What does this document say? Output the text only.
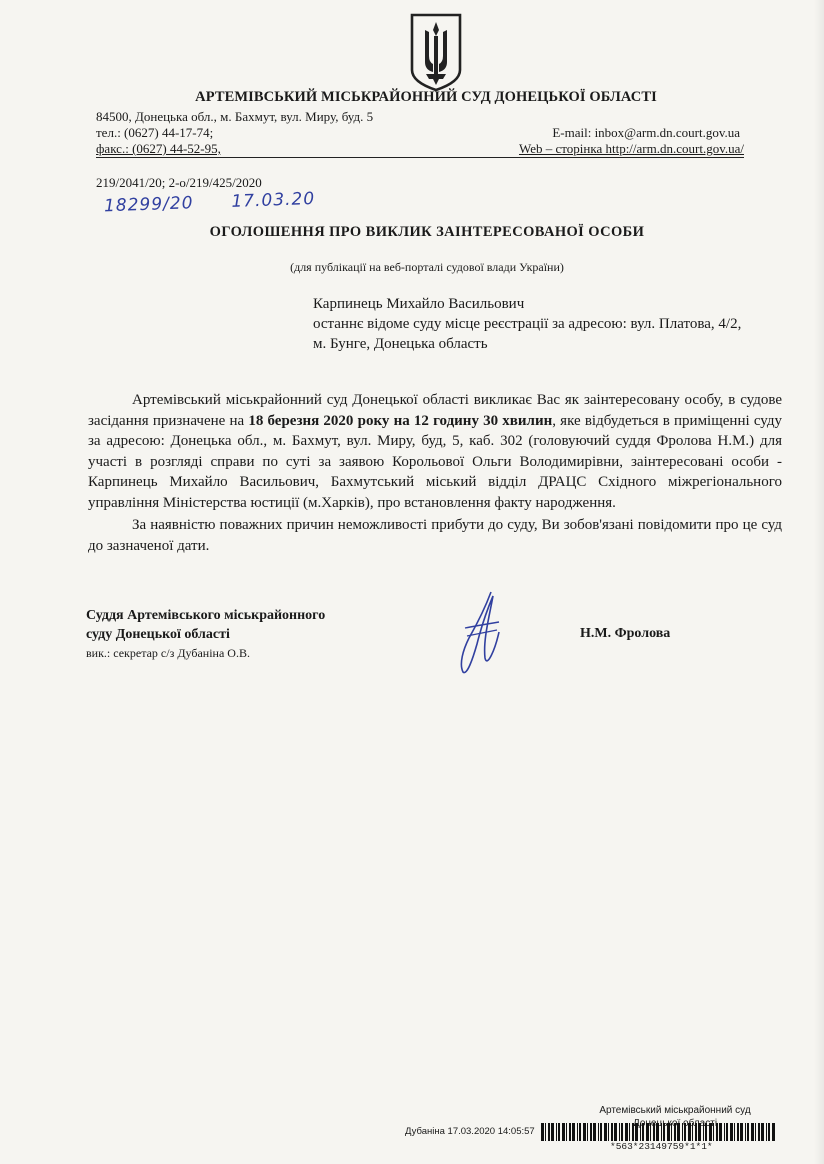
АРТЕМІВСЬКИЙ МІСЬКРАЙОННИЙ СУД ДОНЕЦЬКОЇ ОБЛАСТІ
84500, Донецька обл., м. Бахмут, вул. Миру, буд. 5
тел.: (0627) 44-17-74;
факс.: (0627) 44-52-95,
E-mail: inbox@arm.dn.court.gov.ua
Web – сторінка http://arm.dn.court.gov.ua/
219/2041/20; 2-о/219/425/2020
18299/20 17.03.20
ОГОЛОШЕННЯ ПРО ВИКЛИК ЗАІНТЕРЕСОВАНОЇ ОСОБИ
(для публікації на веб-порталі судової влади України)
Карпинець Михайло Васильович
останнє відоме суду місце реєстрації за адресою: вул. Платова, 4/2,
м. Бунге, Донецька область

Артемівський міськрайонний суд Донецької області викликає Вас як заінтересовану особу, в судове засідання призначене на 18 березня 2020 року на 12 годину 30 хвилин, яке відбудеться в приміщенні суду за адресою: Донецька обл., м. Бахмут, вул. Миру, буд, 5, каб. 302 (головуючий суддя Фролова Н.М.) для участі в розгляді справи по суті за заявою Корольової Ольги Володимирівни, заінтересовані особи - Карпинець Михайло Васильович, Бахмутський міський відділ ДРАЦС Східного міжрегіонального управління Міністерства юстиції (м.Харків), про встановлення факту народження.

За наявністю поважних причин неможливості прибути до суду, Ви зобов'язані повідомити про це суд до зазначеної дати.

Суддя Артемівського міськрайонного
суду Донецької області
вик.: секретар с/з Дубаніна О.В.
Н.М. Фролова
Артемівський міськрайонний суд
Дубаніна 17.03.2020 14:05:57
*563*23149759*1*1*
